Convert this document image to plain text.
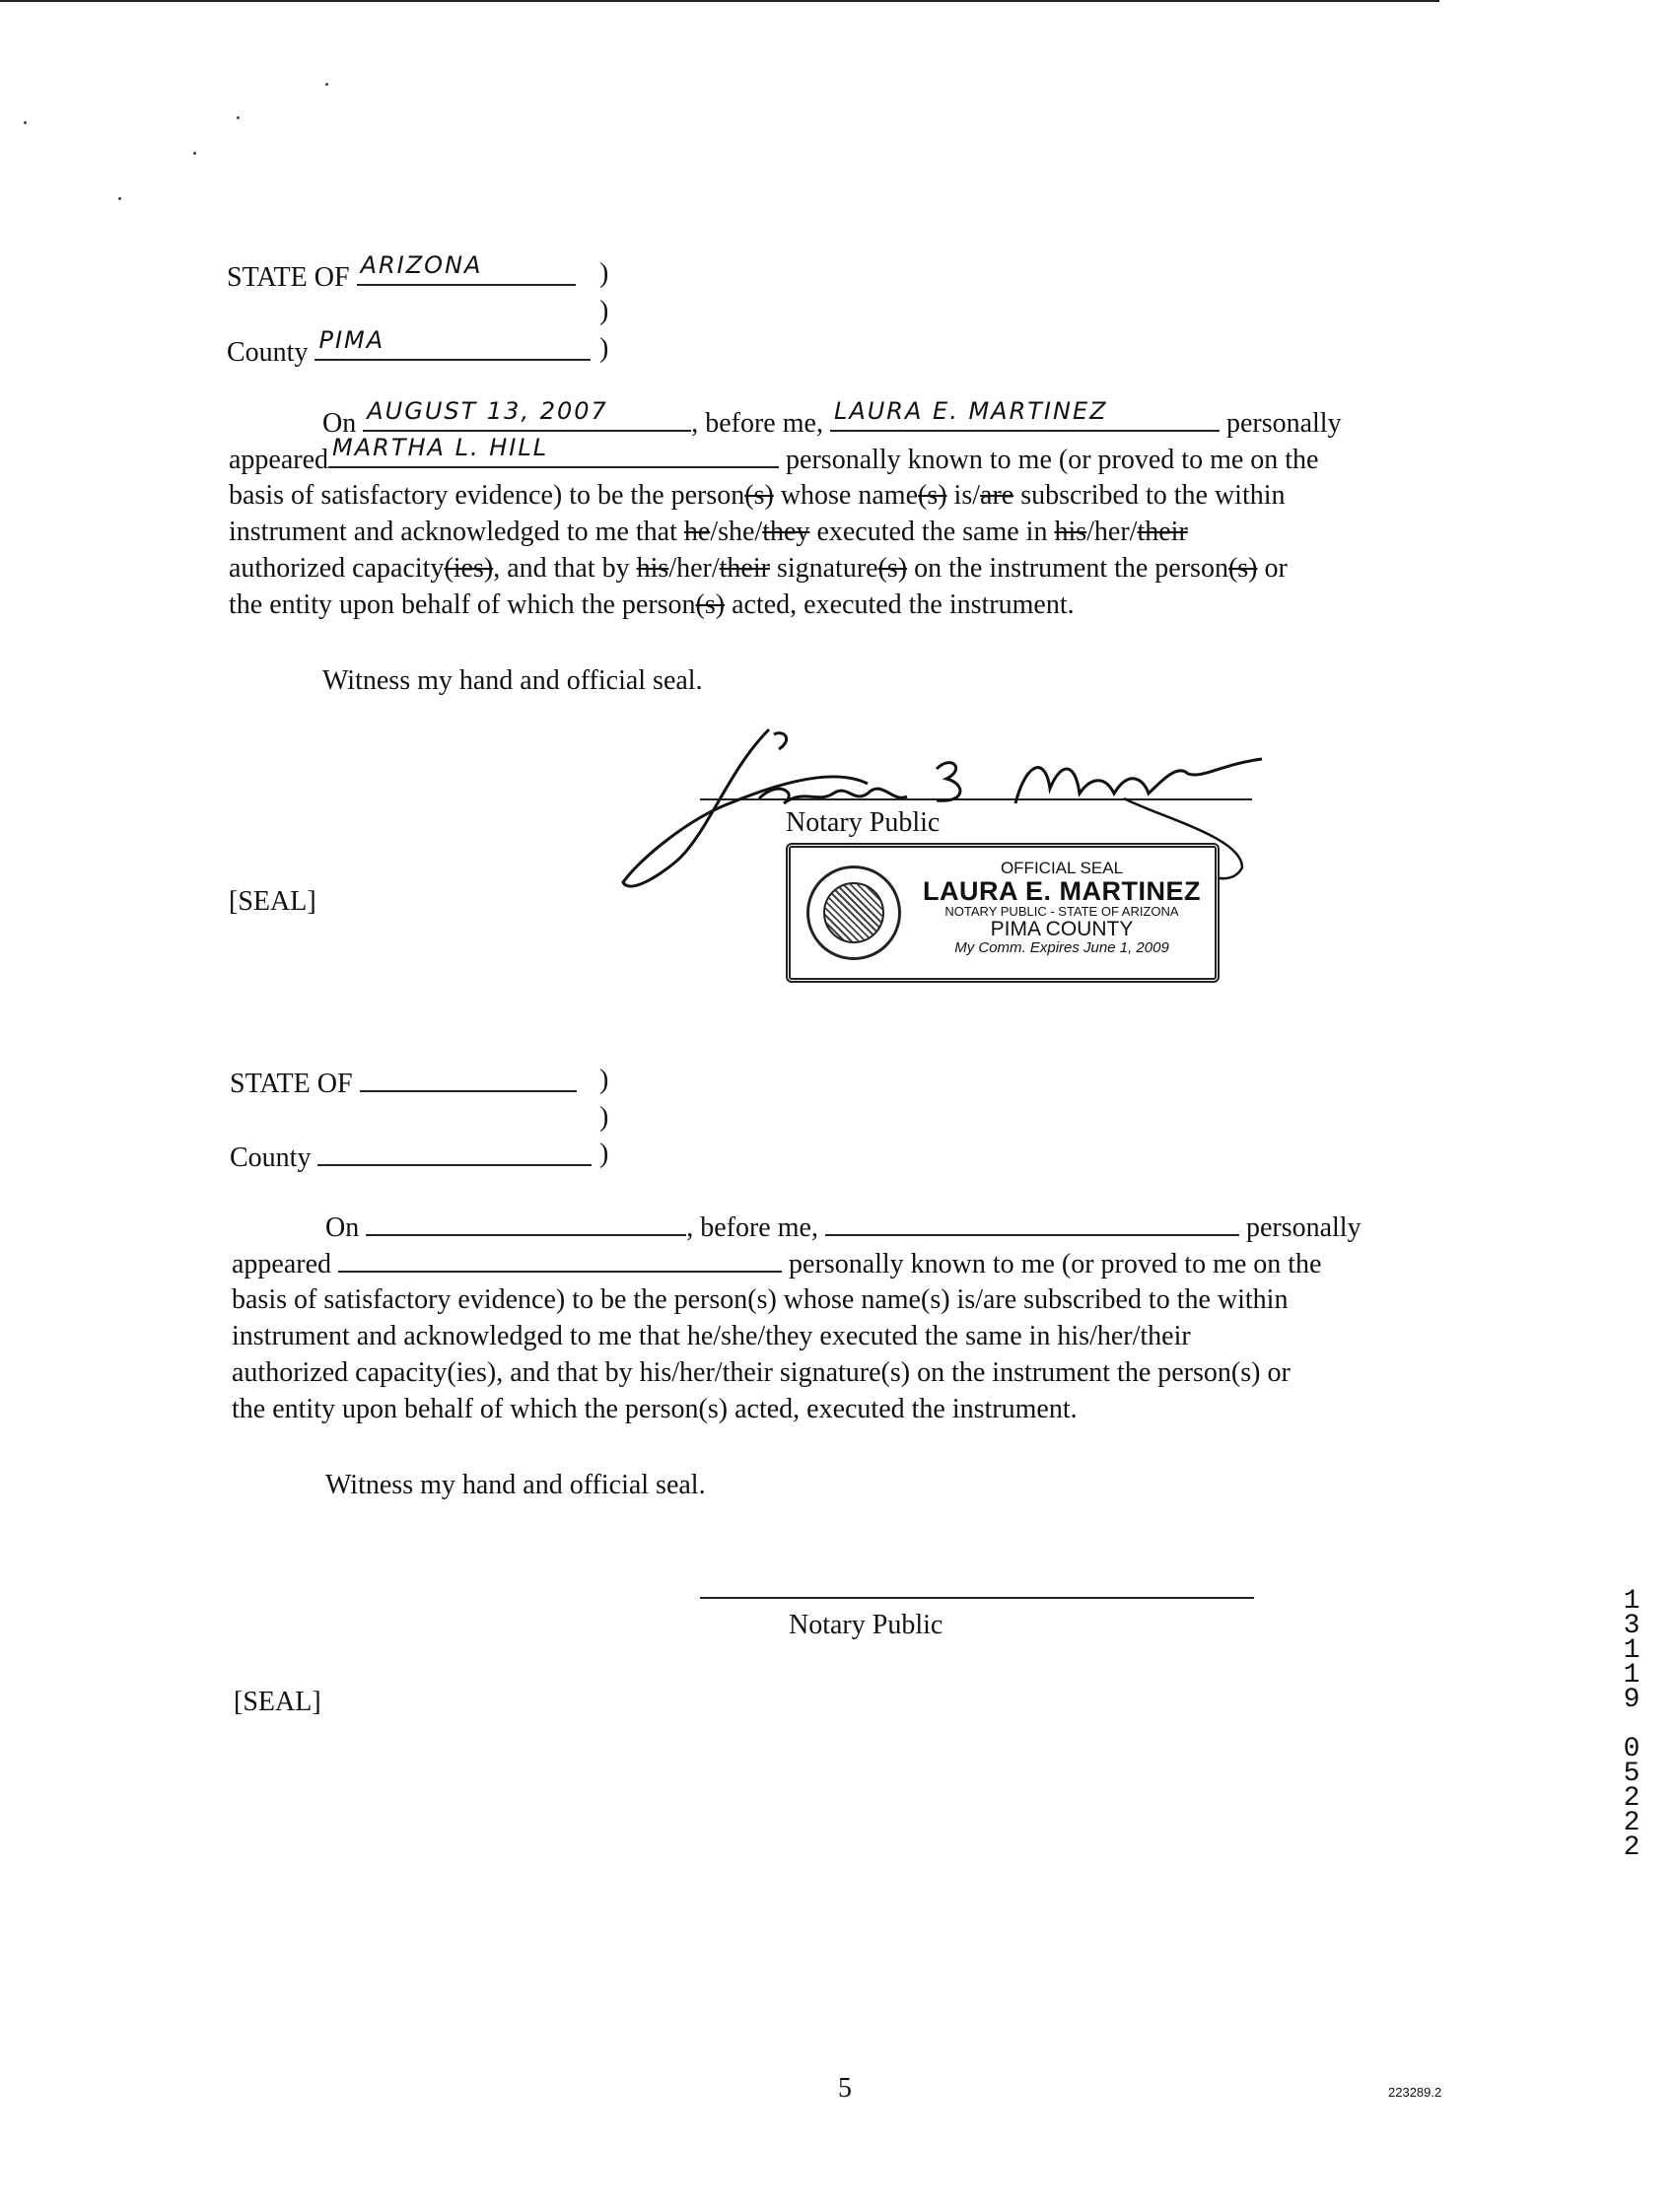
STATE OF ARIZONA	)
)
County PIMA	)
On AUGUST 13, 2007	, before me, LAURA E. MARTINEZ	personally
appeared MARTHA L. HILL	personally known to me (or proved to me on the
basis of satisfactory evidence) to be the person(s) whose name(s) is/are subscribed to the within
instrument and acknowledged to me that he/she/they executed the same in his/her/their
authorized capacity(ies), and that by his/her/their signature(s) on the instrument the person(s) or
the entity upon behalf of which the person(s) acted, executed the instrument.
Witness my hand and official seal.
Notary Public
[SEAL]
OFFICIAL SEAL
LAURA E. MARTINEZ
NOTARY PUBLIC - STATE OF ARIZONA
PIMA COUNTY
My Comm. Expires June 1, 2009
STATE OF	)
)
County	)
On	, before me,	personally
appeared	personally known to me (or proved to me on the
basis of satisfactory evidence) to be the person(s) whose name(s) is/are subscribed to the within
instrument and acknowledged to me that he/she/they executed the same in his/her/their
authorized capacity(ies), and that by his/her/their signature(s) on the instrument the person(s) or
the entity upon behalf of which the person(s) acted, executed the instrument.
Witness my hand and official seal.
Notary Public
[SEAL]
5	223289.2
1
3
1
1
9
0
5
2
2
2
